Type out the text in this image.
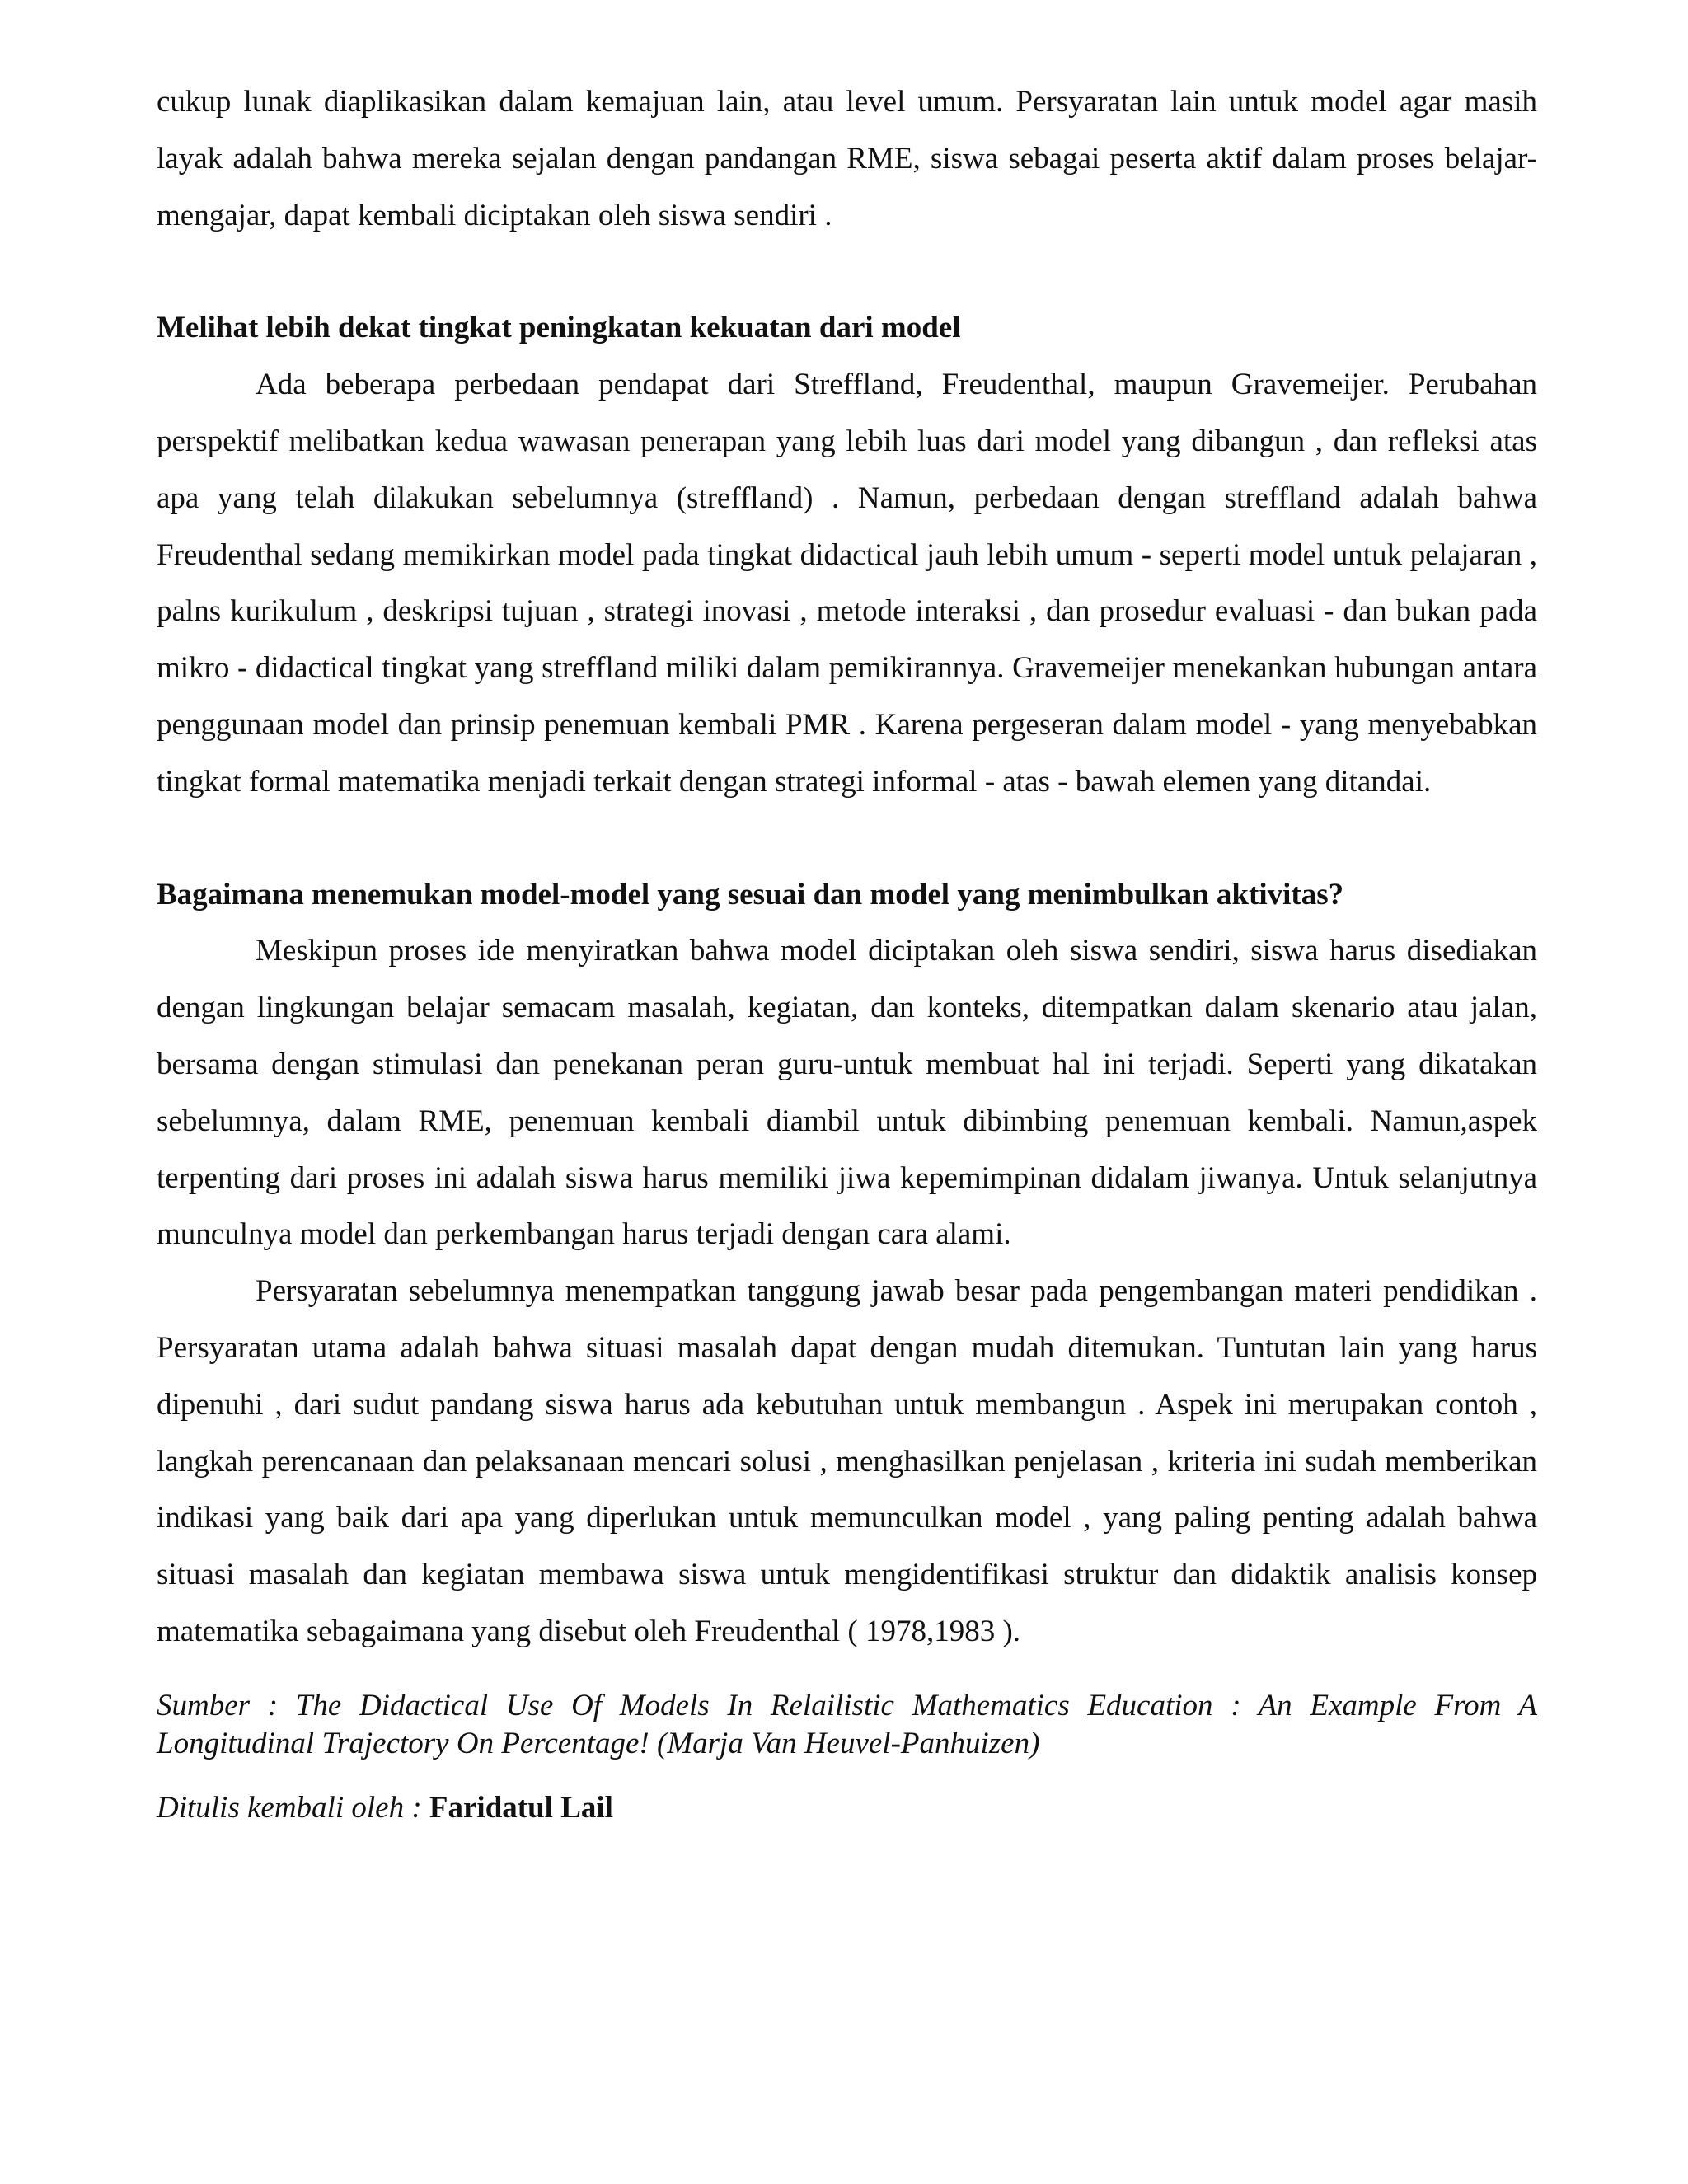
cukup lunak diaplikasikan dalam kemajuan lain, atau level umum. Persyaratan lain untuk model agar masih layak adalah bahwa mereka sejalan dengan pandangan RME, siswa sebagai peserta aktif dalam proses belajar-mengajar, dapat kembali diciptakan oleh siswa sendiri .

Melihat lebih dekat tingkat peningkatan kekuatan dari model

Ada beberapa perbedaan pendapat dari Streffland, Freudenthal, maupun Gravemeijer. Perubahan perspektif melibatkan kedua wawasan penerapan yang lebih luas dari model yang dibangun , dan refleksi atas apa yang telah dilakukan sebelumnya (streffland) . Namun, perbedaan dengan streffland adalah bahwa Freudenthal sedang memikirkan model pada tingkat didactical jauh lebih umum - seperti model untuk pelajaran , palns kurikulum , deskripsi tujuan , strategi inovasi , metode interaksi , dan prosedur evaluasi - dan bukan pada mikro - didactical tingkat yang streffland miliki dalam pemikirannya. Gravemeijer menekankan hubungan antara penggunaan model dan prinsip penemuan kembali PMR . Karena pergeseran dalam model - yang menyebabkan tingkat formal matematika menjadi terkait dengan strategi informal - atas - bawah elemen yang ditandai.

Bagaimana menemukan model-model yang sesuai dan model yang menimbulkan aktivitas?

Meskipun proses ide menyiratkan bahwa model diciptakan oleh siswa sendiri, siswa harus disediakan dengan lingkungan belajar semacam masalah, kegiatan, dan konteks, ditempatkan dalam skenario atau jalan, bersama dengan stimulasi dan penekanan peran guru-untuk membuat hal ini terjadi. Seperti yang dikatakan sebelumnya, dalam RME, penemuan kembali diambil untuk dibimbing penemuan kembali. Namun,aspek terpenting dari proses ini adalah siswa harus memiliki jiwa kepemimpinan didalam jiwanya. Untuk selanjutnya munculnya model dan perkembangan harus terjadi dengan cara alami.

Persyaratan sebelumnya menempatkan tanggung jawab besar pada pengembangan materi pendidikan . Persyaratan utama adalah bahwa situasi masalah dapat dengan mudah ditemukan. Tuntutan lain yang harus dipenuhi , dari sudut pandang siswa harus ada kebutuhan untuk membangun . Aspek ini merupakan contoh , langkah perencanaan dan pelaksanaan mencari solusi , menghasilkan penjelasan , kriteria ini sudah memberikan indikasi yang baik dari apa yang diperlukan untuk memunculkan model , yang paling penting adalah bahwa situasi masalah dan kegiatan membawa siswa untuk mengidentifikasi struktur dan didaktik analisis konsep matematika sebagaimana yang disebut oleh Freudenthal ( 1978,1983 ).

Sumber : The Didactical Use Of Models In Relailistic Mathematics Education : An Example From A Longitudinal Trajectory On Percentage! (Marja Van Heuvel-Panhuizen)

Ditulis kembali oleh : Faridatul Lail
